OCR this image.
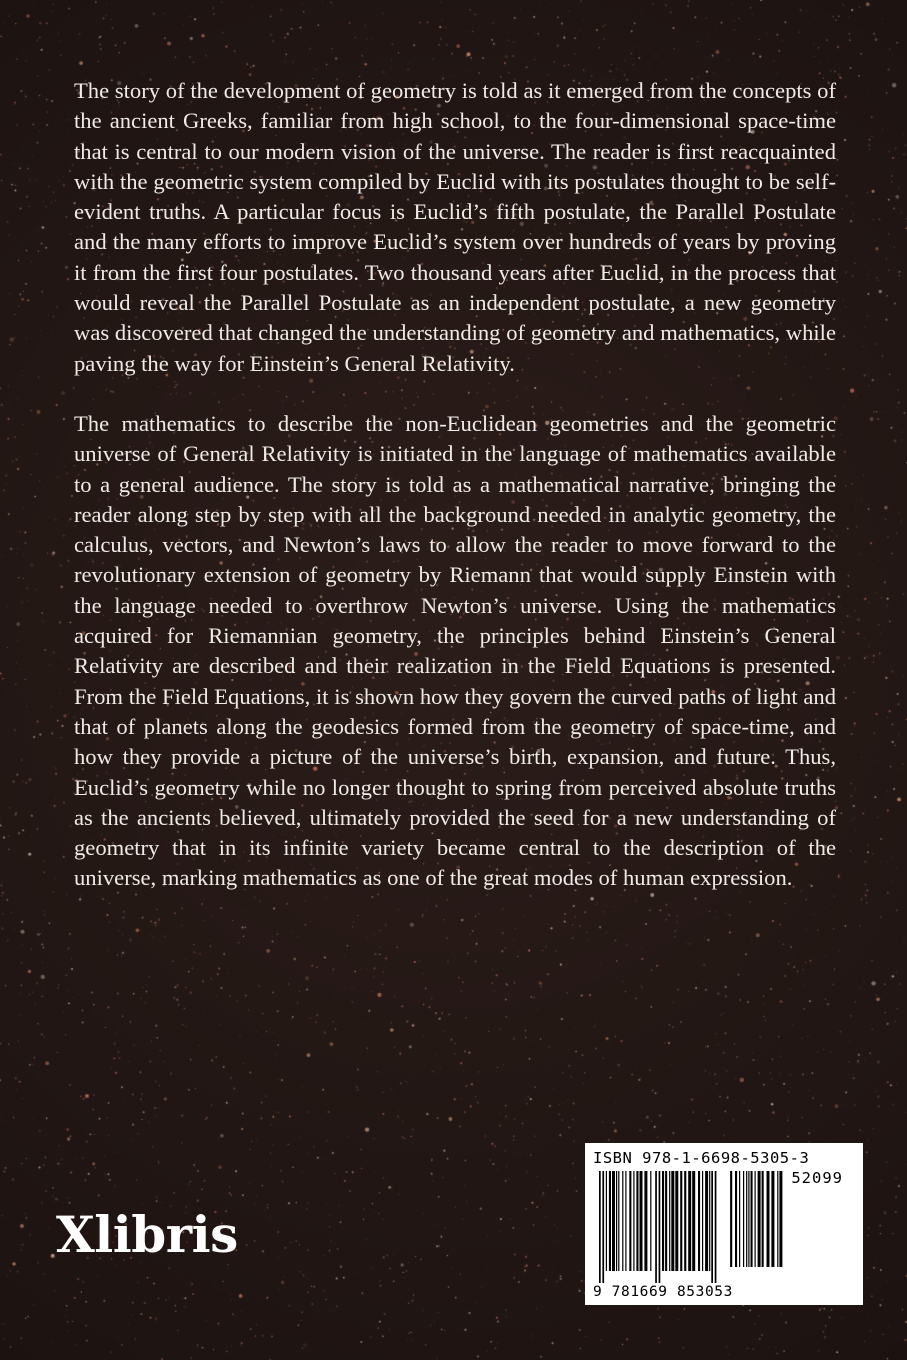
The story of the development of geometry is told as it emerged from the concepts of the ancient Greeks, familiar from high school, to the four-dimensional space-time that is central to our modern vision of the universe. The reader is first reacquainted with the geometric system compiled by Euclid with its postulates thought to be self-evident truths. A particular focus is Euclid’s fifth postulate, the Parallel Postulate and the many efforts to improve Euclid’s system over hundreds of years by proving it from the first four postulates. Two thousand years after Euclid, in the process that would reveal the Parallel Postulate as an independent postulate, a new geometry was discovered that changed the understanding of geometry and mathematics, while paving the way for Einstein’s General Relativity.

The mathematics to describe the non-Euclidean geometries and the geometric universe of General Relativity is initiated in the language of mathematics available to a general audience. The story is told as a mathematical narrative, bringing the reader along step by step with all the background needed in analytic geometry, the calculus, vectors, and Newton’s laws to allow the reader to move forward to the revolutionary extension of geometry by Riemann that would supply Einstein with the language needed to overthrow Newton’s universe. Using the mathematics acquired for Riemannian geometry, the principles behind Einstein’s General Relativity are described and their realization in the Field Equations is presented. From the Field Equations, it is shown how they govern the curved paths of light and that of planets along the geodesics formed from the geometry of space-time, and how they provide a picture of the universe’s birth, expansion, and future. Thus, Euclid’s geometry while no longer thought to spring from perceived absolute truths as the ancients believed, ultimately provided the seed for a new understanding of geometry that in its infinite variety became central to the description of the universe, marking mathematics as one of the great modes of human expression.

Xlibris
ISBN 978-1-6698-5305-3
52099
9 781669 853053
